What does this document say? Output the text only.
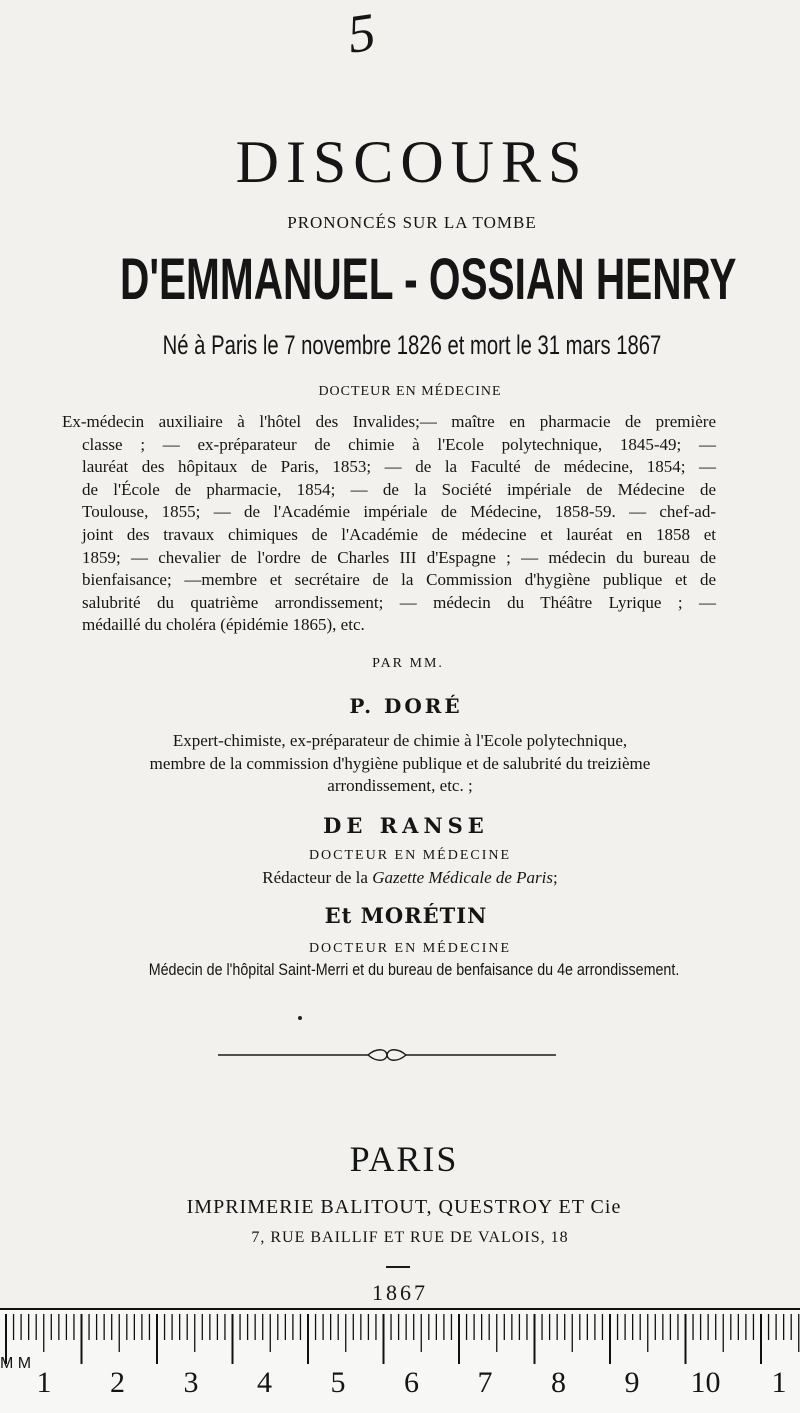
5
DISCOURS
PRONONCÉS SUR LA TOMBE
D'EMMANUEL - OSSIAN HENRY
Né à Paris le 7 novembre 1826 et mort le 31 mars 1867
DOCTEUR EN MÉDECINE
Ex-médecin auxiliaire à l'hôtel des Invalides;— maître en pharmacie de première
classe ; — ex-préparateur de chimie à l'Ecole polytechnique, 1845-49; —
lauréat des hôpitaux de Paris, 1853; — de la Faculté de médecine, 1854; —
de l'École de pharmacie, 1854; — de la Société impériale de Médecine de
Toulouse, 1855; — de l'Académie impériale de Médecine, 1858-59. — chef-ad-
joint des travaux chimiques de l'Académie de médecine et lauréat en 1858 et
1859; — chevalier de l'ordre de Charles III d'Espagne ; — médecin du bureau de
bienfaisance; —membre et secrétaire de la Commission d'hygiène publique et de
salubrité du quatrième arrondissement; — médecin du Théâtre Lyrique ; —
médaillé du choléra (épidémie 1865), etc.
PAR MM.
P. DORÉ
Expert-chimiste, ex-préparateur de chimie à l'Ecole polytechnique,
membre de la commission d'hygiène publique et de salubrité du treizième
arrondissement, etc. ;
DE RANSE
DOCTEUR EN MÉDECINE
Rédacteur de la Gazette Médicale de Paris;
Et MORÉTIN
DOCTEUR EN MÉDECINE
Médecin de l'hôpital Saint-Merri et du bureau de benfaisance du 4e arrondissement.
PARIS
IMPRIMERIE BALITOUT, QUESTROY ET Cie
7, RUE BAILLIF ET RUE DE VALOIS, 18
1867
M M
1 2 3 4 5 6 7 8 9 10 1
